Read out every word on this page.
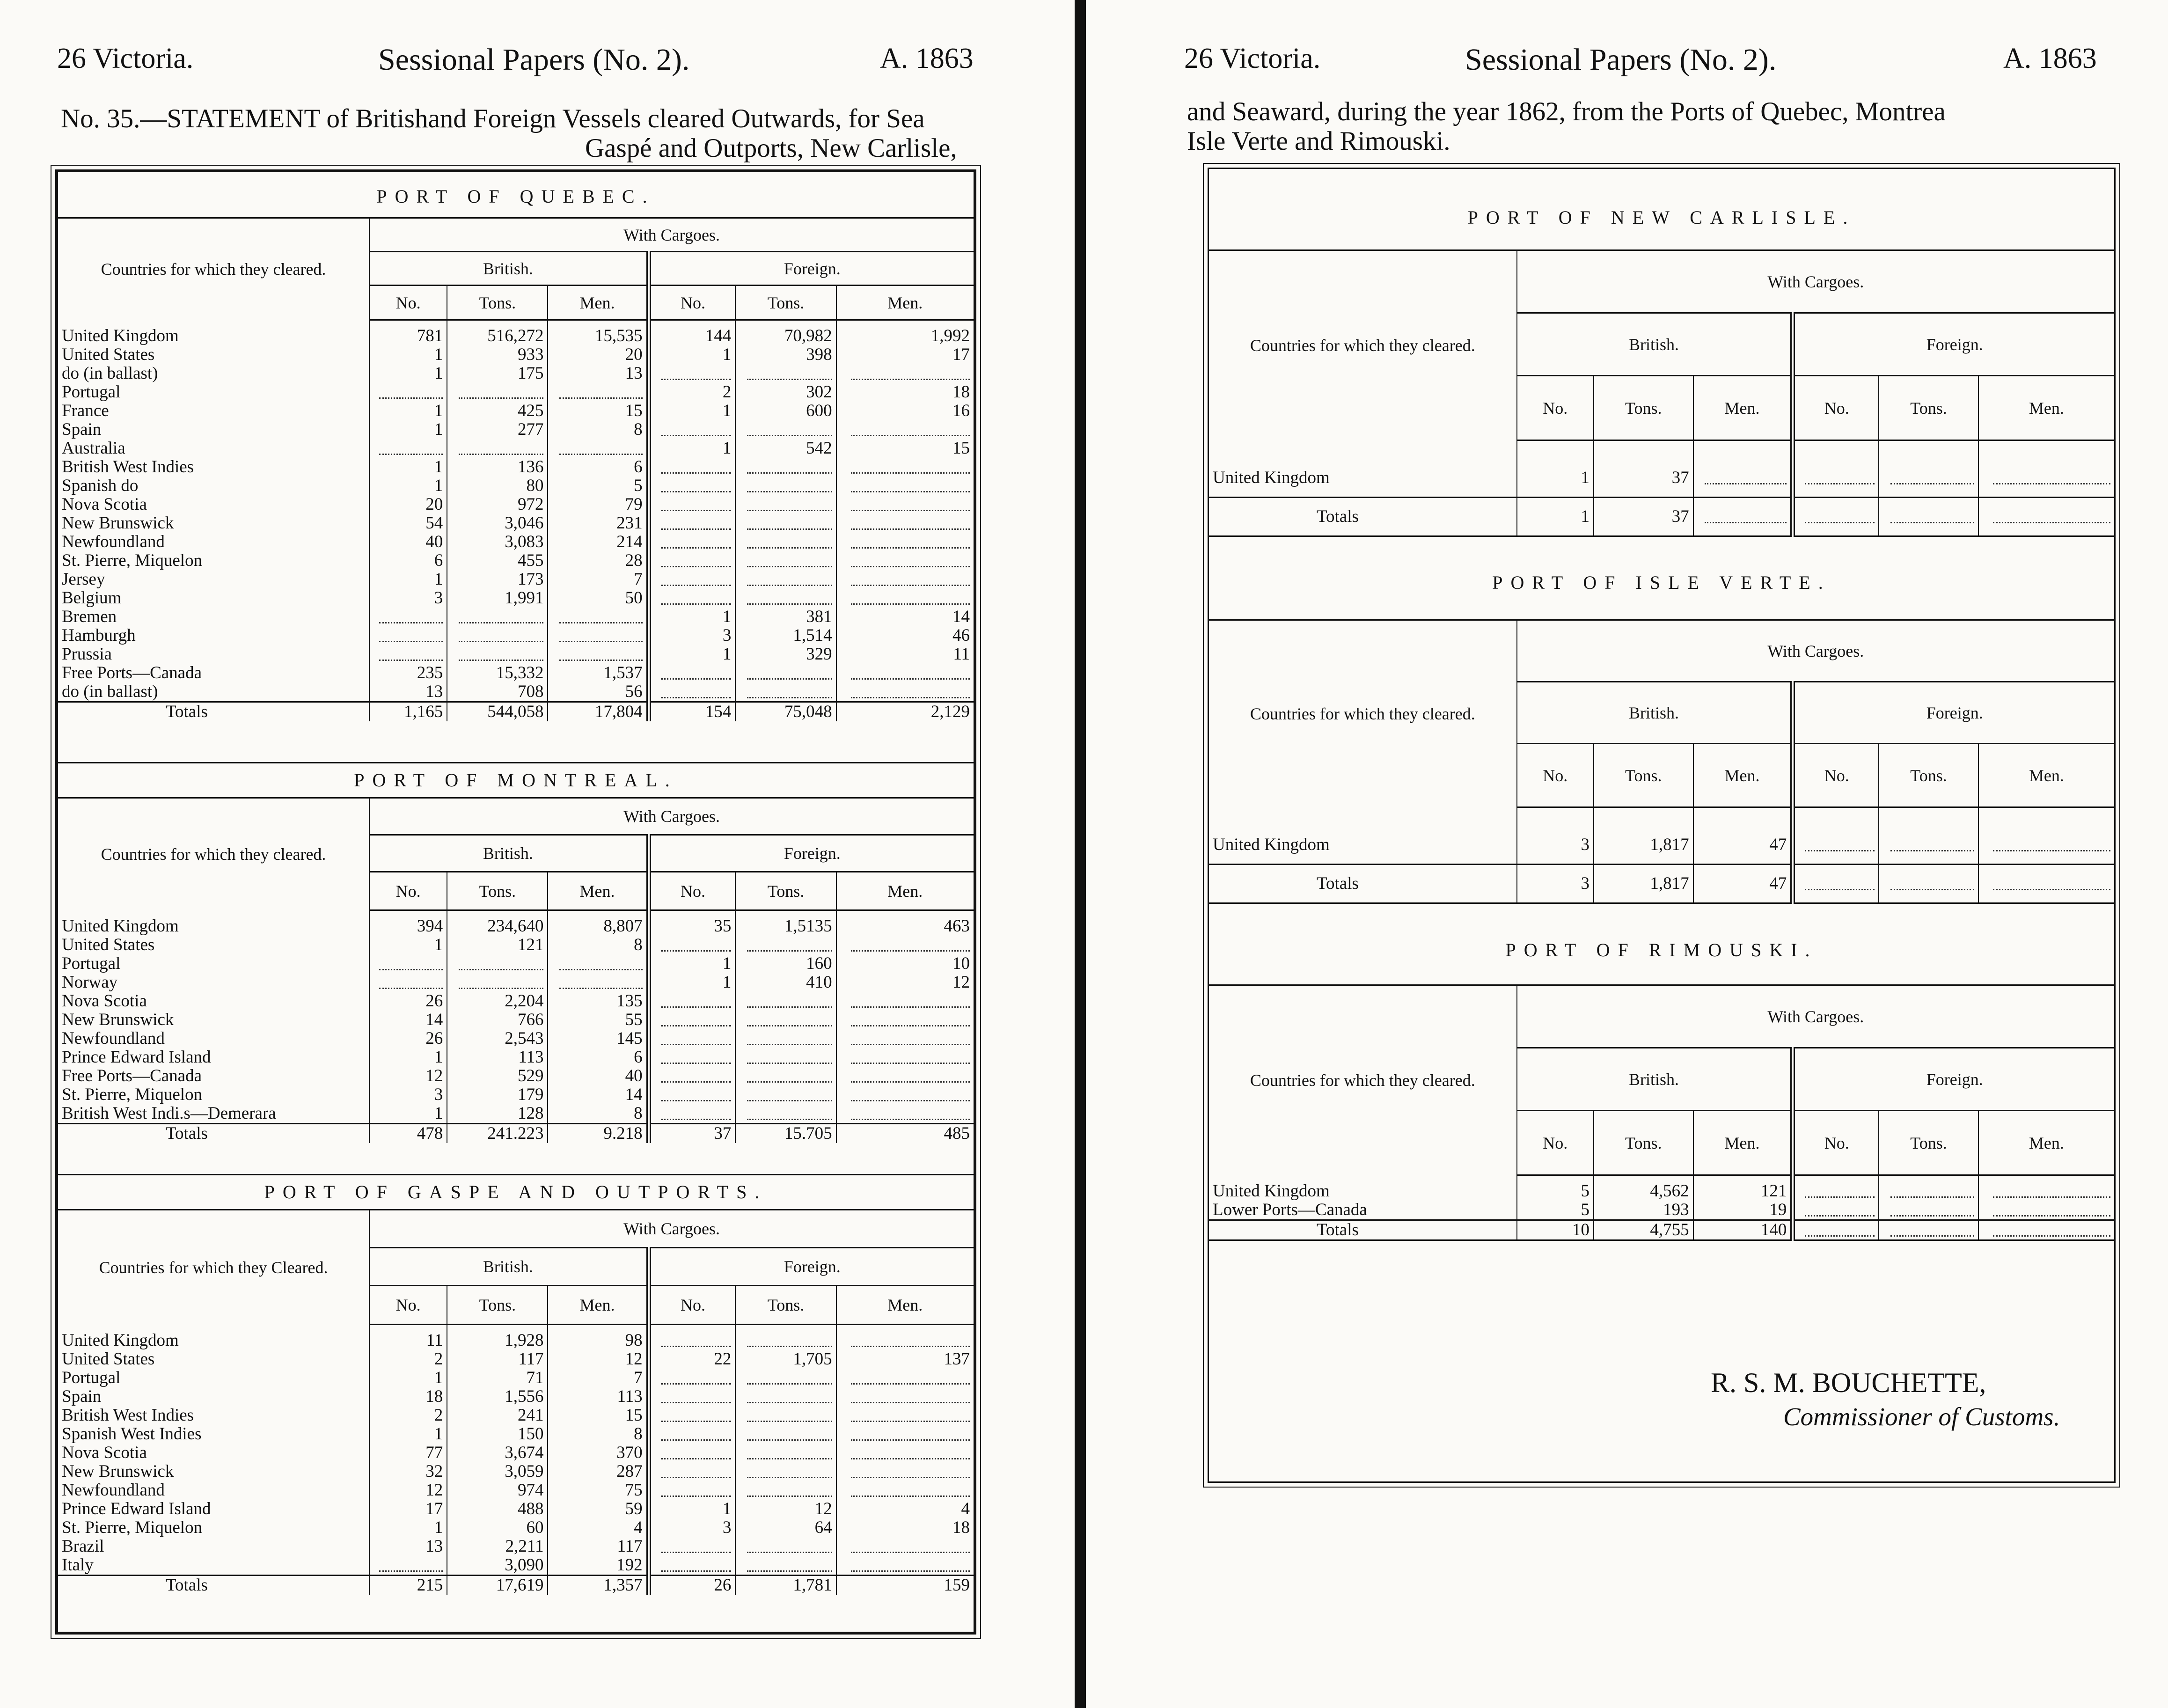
26 Victoria.	Sessional Papers (No. 2).	A. 1863
No. 35.—STATEMENT of Britishand Foreign Vessels cleared Outwards, for Sea
Gaspé and Outports, New Carlisle,
PORT OF QUEBEC.
Countries for which they cleared.	With Cargoes.					
	British.			Foreign.		
	No.	Tons.	Men.	No.	Tons.	Men.

United Kingdom	781	516,272	15,535	144	70,982	1,992
United States	1	933	20	1	398	17
do (in ballast)	1	175	13			
Portugal				2	302	18
France	1	425	15	1	600	16
Spain	1	277	8			
Australia				1	542	15
British West Indies	1	136	6			
Spanish do	1	80	5			
Nova Scotia	20	972	79			
New Brunswick	54	3,046	231			
Newfoundland	40	3,083	214			
St. Pierre, Miquelon	6	455	28			
Jersey	1	173	7			
Belgium	3	1,991	50			
Bremen				1	381	14
Hamburgh				3	1,514	46
Prussia				1	329	11
Free Ports—Canada	235	15,332	1,537			
do (in ballast)	13	708	56			
Totals	1,165	544,058	17,804	154	75,048	2,129
PORT OF MONTREAL.
Countries for which they cleared.	With Cargoes.					
	British.			Foreign.		
	No.	Tons.	Men.	No.	Tons.	Men.

United Kingdom	394	234,640	8,807	35	1,5135	463
United States	1	121	8			
Portugal				1	160	10
Norway				1	410	12
Nova Scotia	26	2,204	135			
New Brunswick	14	766	55			
Newfoundland	26	2,543	145			
Prince Edward Island	1	113	6			
Free Ports—Canada	12	529	40			
St. Pierre, Miquelon	3	179	14			
British West Indi.s—Demerara	1	128	8			
Totals	478	241.223	9.218	37	15.705	485
PORT OF GASPE AND OUTPORTS.
Countries for which they Cleared.	With Cargoes.					
	British.			Foreign.		
	No.	Tons.	Men.	No.	Tons.	Men.

United Kingdom	11	1,928	98			
United States	2	117	12	22	1,705	137
Portugal	1	71	7			
Spain	18	1,556	113			
British West Indies	2	241	15			
Spanish West Indies	1	150	8			
Nova Scotia	77	3,674	370			
New Brunswick	32	3,059	287			
Newfoundland	12	974	75			
Prince Edward Island	17	488	59	1	12	4
St. Pierre, Miquelon	1	60	4	3	64	18
Brazil	13	2,211	117			
Italy		3,090	192			
Totals	215	17,619	1,357	26	1,781	159
26 Victoria.	Sessional Papers (No. 2).	A. 1863
and Seaward, during the year 1862, from the Ports of Quebec, Montrea
Isle Verte and Rimouski.
PORT OF NEW CARLISLE.
Countries for which they cleared.	With Cargoes.					
	British.			Foreign.		
	No.	Tons.	Men.	No.	Tons.	Men.

United Kingdom	1	37				
Totals	1	37				
PORT OF ISLE VERTE.
Countries for which they cleared.	With Cargoes.					
	British.			Foreign.		
	No.	Tons.	Men.	No.	Tons.	Men.

United Kingdom	3	1,817	47			
Totals	3	1,817	47			
PORT OF RIMOUSKI.
Countries for which they cleared.	With Cargoes.					
	British.			Foreign.		
	No.	Tons.	Men.	No.	Tons.	Men.

United Kingdom	5	4,562	121			
Lower Ports—Canada	5	193	19			
Totals	10	4,755	140			
R. S. M. BOUCHETTE,
Commissioner of Customs.
